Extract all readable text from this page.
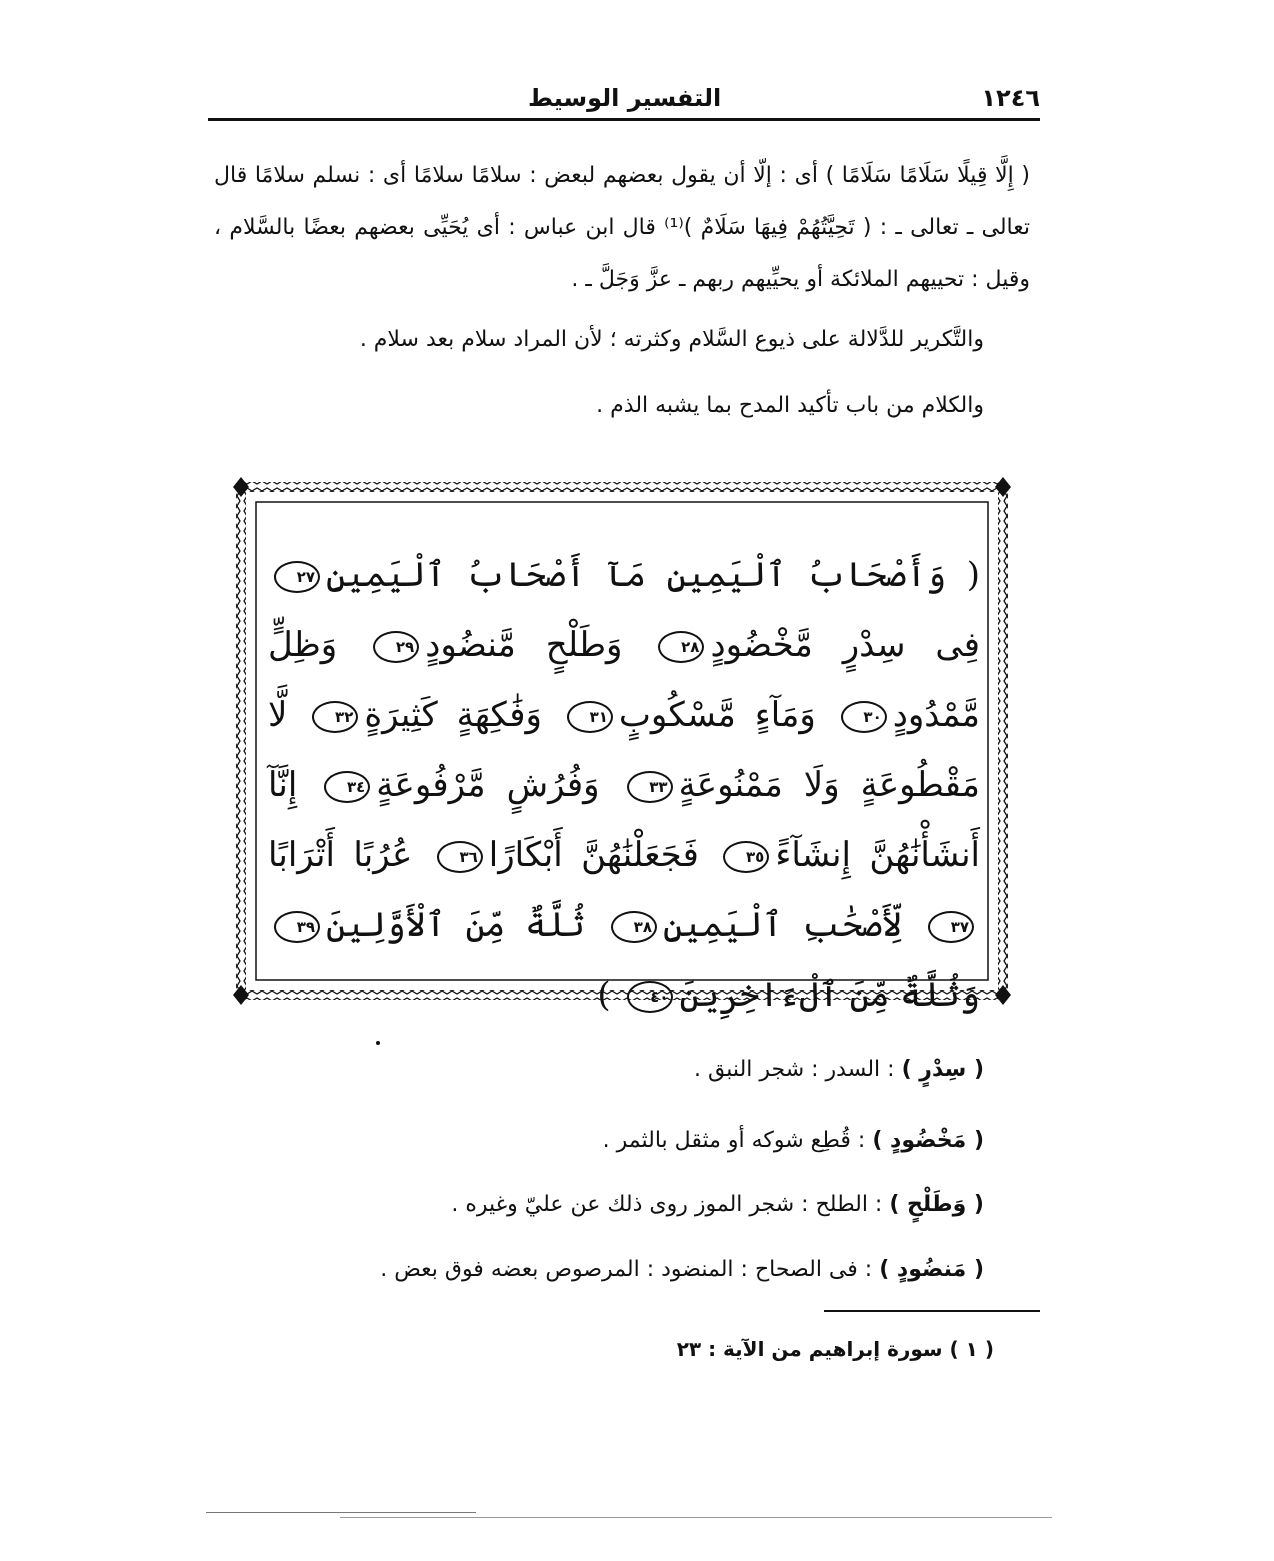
١٢٤٦
التفسير الوسيط
( إِلَّا قِيلًا سَلَامًا سَلَامًا ) أى : إلّا أن يقول بعضهم لبعض : سلامًا سلامًا أى : نسلم سلامًا قال تعالى ـ تعالى ـ : ( تَحِيَّتُهُمْ فِيهَا سَلَامٌ )⁽¹⁾ قال ابن عباس : أى يُحَيِّى بعضهم بعضًا بالسَّلام ، وقيل : تحييهم الملائكة أو يحيِّيهم ربهم ـ عزَّ وَجَلَّ ـ .
والتَّكرير للدَّلالة على ذيوع السَّلام وكثرته ؛ لأن المراد سلام بعد سلام .
والكلام من باب تأكيد المدح بما يشبه الذم .
( وَأَصْحَابُ ٱلْيَمِينِ مَآ أَصْحَابُ ٱلْيَمِينِ٢٧ فِى سِدْرٍ مَّخْضُودٍ٢٨ وَطَلْحٍ مَّنضُودٍ٢٩ وَظِلٍّ مَّمْدُودٍ٣٠ وَمَآءٍ مَّسْكُوبٍ٣١ وَفَٰكِهَةٍ كَثِيرَةٍ٣٢ لَّا مَقْطُوعَةٍ وَلَا مَمْنُوعَةٍ٣٣ وَفُرُشٍ مَّرْفُوعَةٍ٣٤ إِنَّآ أَنشَأْنَٰهُنَّ إِنشَآءً٣٥ فَجَعَلْنَٰهُنَّ أَبْكَارًا٣٦ عُرُبًا أَتْرَابًا٣٧ لِّأَصْحَٰبِ ٱلْيَمِينِ٣٨ ثُلَّةٌ مِّنَ ٱلْأَوَّلِينَ٣٩ وَثُلَّةٌ مِّنَ ٱلْءَاخِرِينَ٤٠ )
( سِدْرٍ ) : السدر : شجر النبق .
( مَخْضُودٍ ) : قُطِع شوكه أو مثقل بالثمر .
( وَطَلْحٍ ) : الطلح : شجر الموز روى ذلك عن عليّ وغيره .
( مَنضُودٍ ) : فى الصحاح : المنضود : المرصوص بعضه فوق بعض .
( ١ ) سورة إبراهيم من الآية : ٢٣
